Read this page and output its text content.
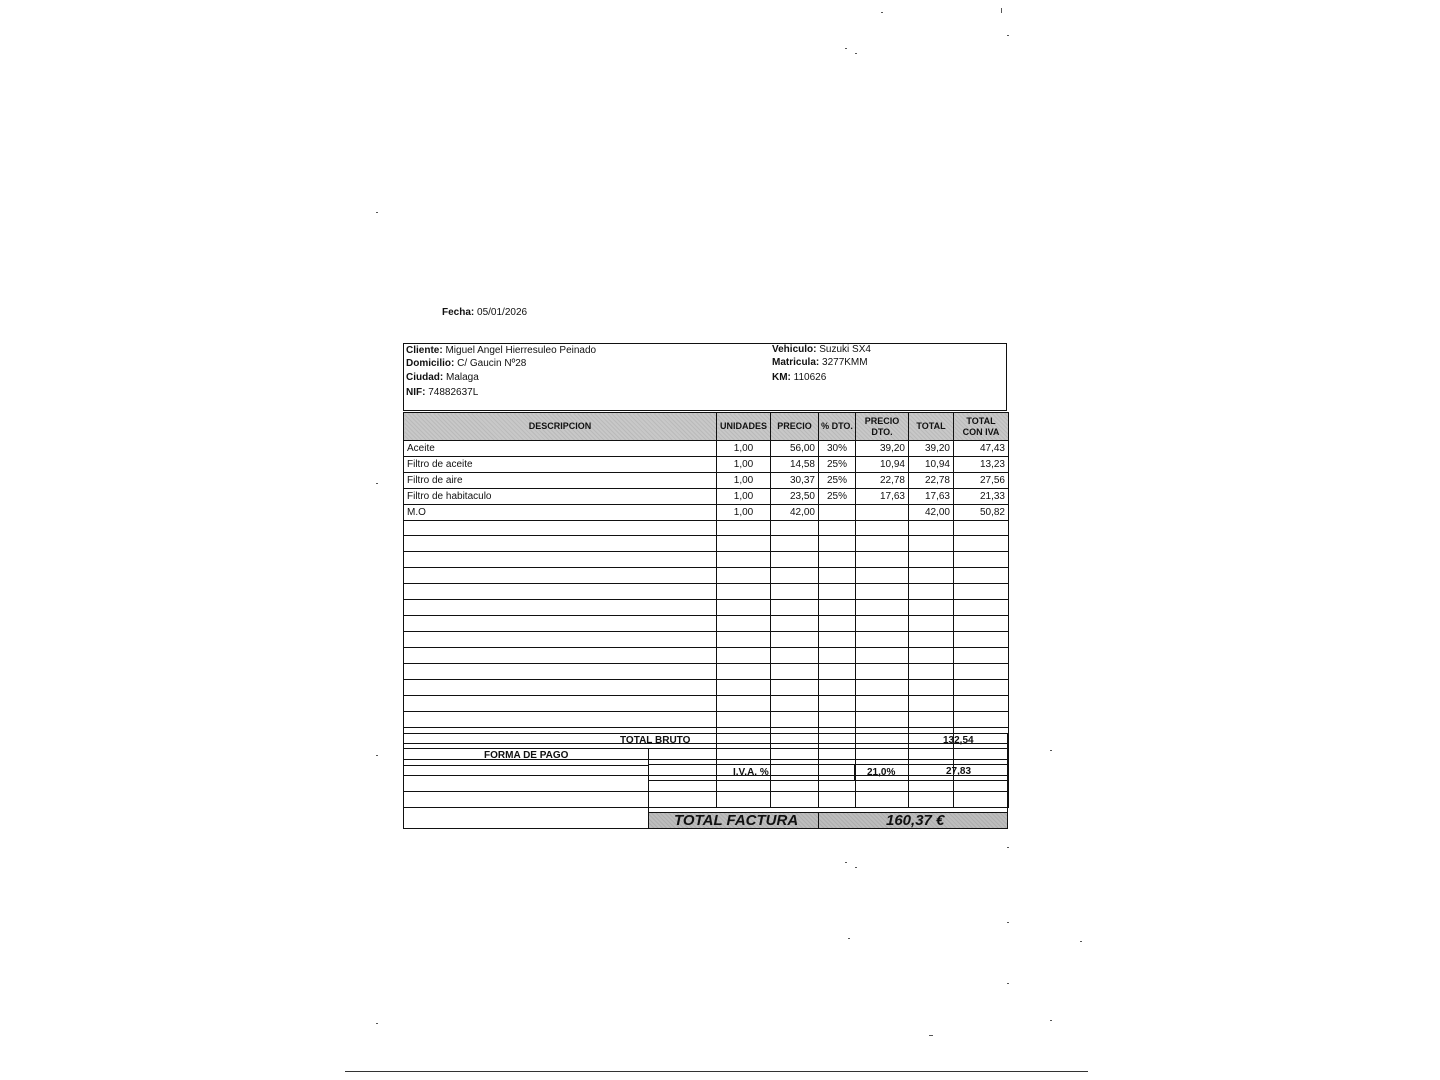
Fecha: 05/01/2026
Cliente: Miguel Angel Hierresuleo Peinado
Domicilio: C/ Gaucin Nº28
Ciudad: Malaga
NIF: 74882637L
Vehiculo: Suzuki SX4
Matricula: 3277KMM
KM: 110626
DESCRIPCION	UNIDADES	PRECIO	% DTO.	PRECIO DTO.	TOTAL	TOTAL CON IVA
Aceite	1,00	56,00	30%	39,20	39,20	47,43
Filtro de aceite	1,00	14,58	25%	10,94	10,94	13,23
Filtro de aire	1,00	30,37	25%	22,78	22,78	27,56
Filtro de habitaculo	1,00	23,50	25%	17,63	17,63	21,33
M.O	1,00	42,00			42,00	50,82

TOTAL BRUTO	132,54
FORMA DE PAGO
I.V.A. %	21,0%	27,83
TOTAL FACTURA	160,37 €
